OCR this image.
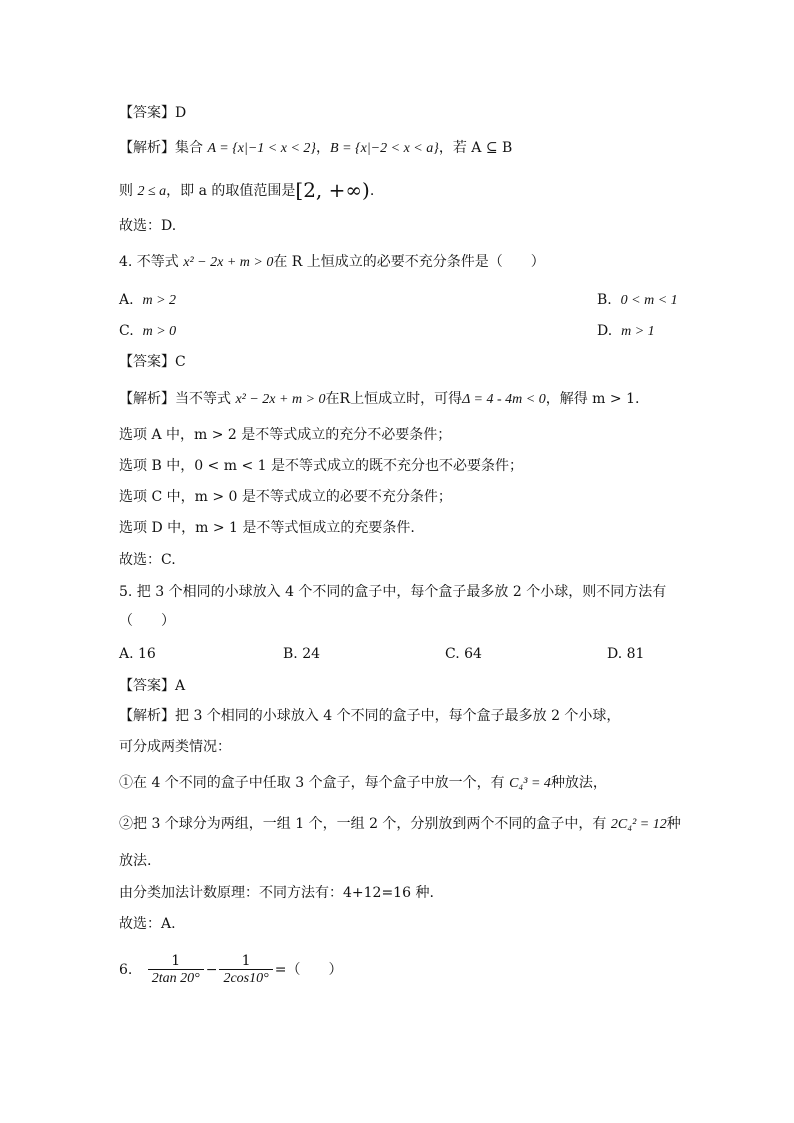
【答案】D
【解析】集合 A = {x|−1 < x < 2}，B = {x|−2 < x < a}，若 A ⊆ B
则 2 ≤ a，即 a 的取值范围是[2, +∞).
故选：D.
4. 不等式 x² − 2x + m > 0在 R 上恒成立的必要不充分条件是（　　）
A. m > 2	B. 0 < m < 1
C. m > 0	D. m > 1
【答案】C
【解析】当不等式 x² − 2x + m > 0在R上恒成立时，可得Δ = 4 - 4m < 0，解得 m > 1.
选项 A 中，m > 2 是不等式成立的充分不必要条件；
选项 B 中，0 < m < 1 是不等式成立的既不充分也不必要条件；
选项 C 中，m > 0 是不等式成立的必要不充分条件；
选项 D 中，m > 1 是不等式恒成立的充要条件.
故选：C.
5. 把 3 个相同的小球放入 4 个不同的盒子中，每个盒子最多放 2 个小球，则不同方法有
（　　）
A. 16	B. 24	C. 64	D. 81
【答案】A
【解析】把 3 个相同的小球放入 4 个不同的盒子中，每个盒子最多放 2 个小球，
可分成两类情况：
①在 4 个不同的盒子中任取 3 个盒子，每个盒子中放一个，有 C₄³ = 4种放法，
②把 3 个球分为两组，一组 1 个，一组 2 个，分别放到两个不同的盒子中，有 2C₄² = 12种
放法.
由分类加法计数原理：不同方法有：4+12=16 种.
故选：A.
6. $\frac{1}{2\tan 20^\circ} - \frac{1}{2\cos 10^\circ}$ =（　　）
